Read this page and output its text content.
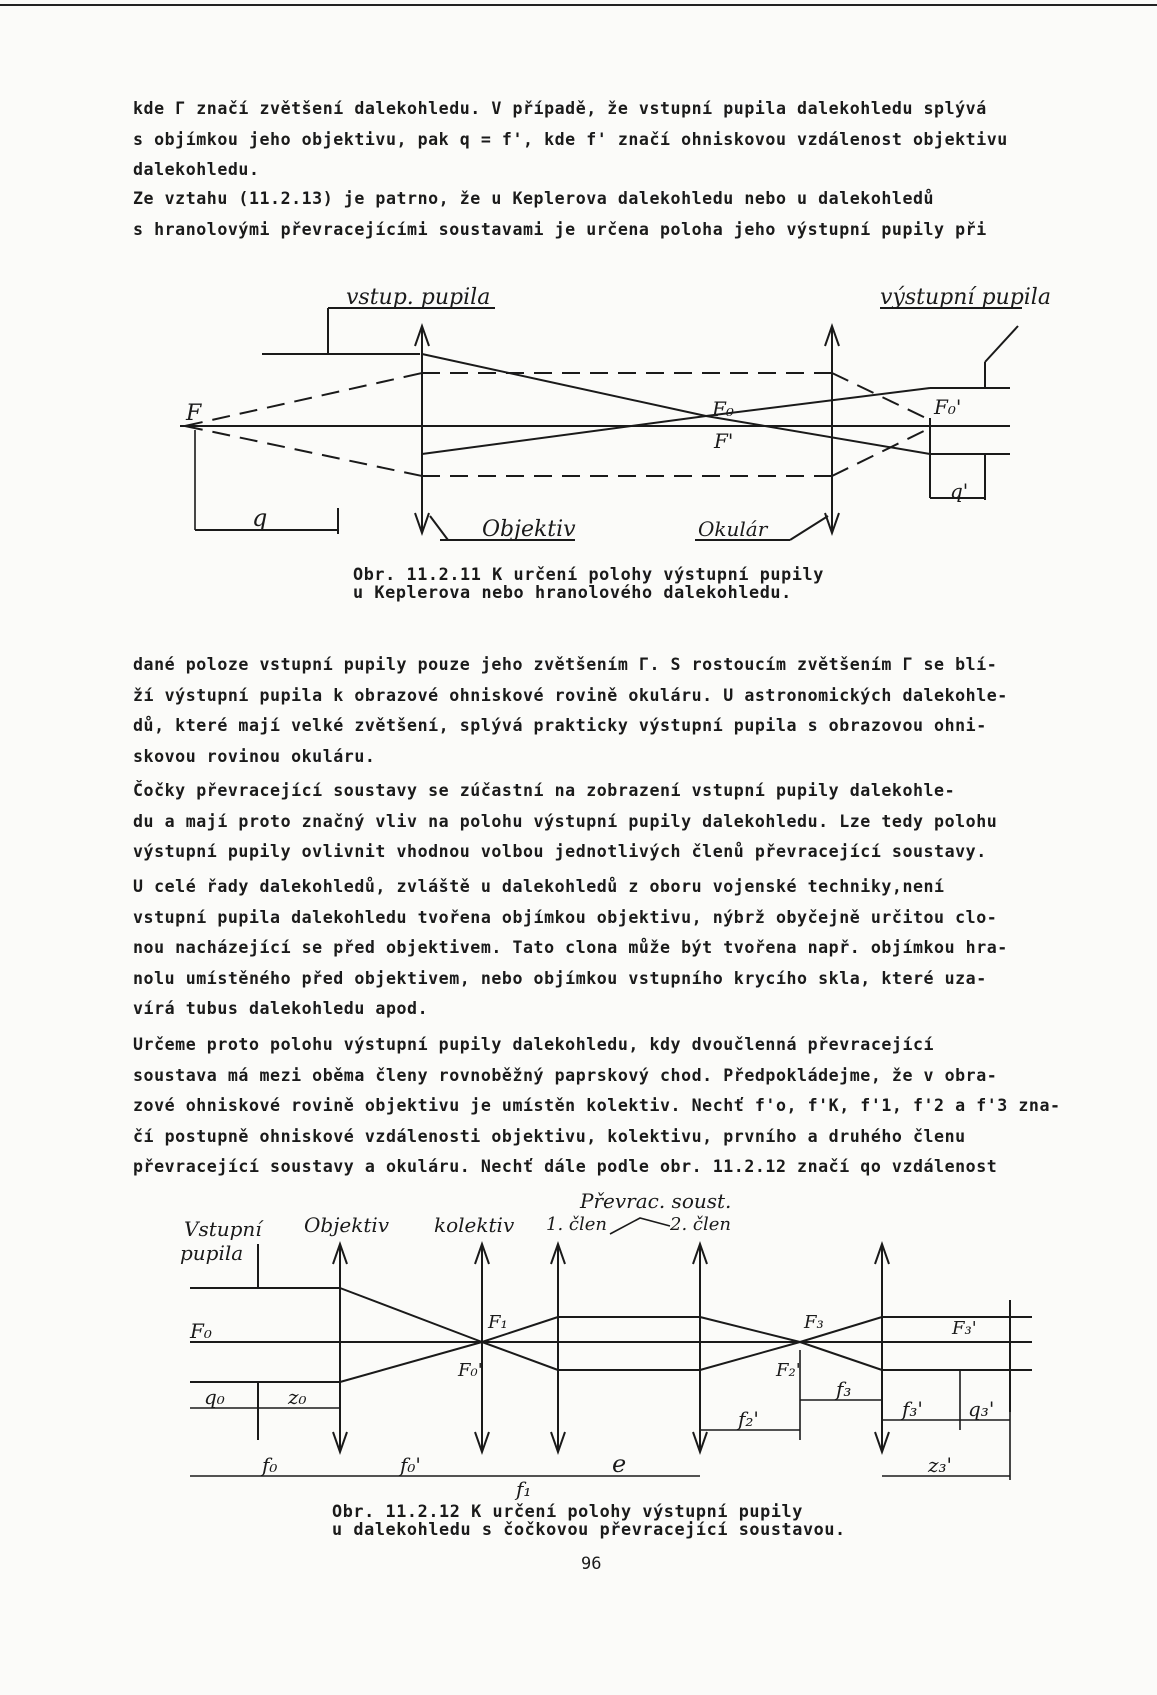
kde Γ značí zvětšení dalekohledu. V případě, že vstupní pupila dalekohledu splývá
s objímkou jeho objektivu, pak q = f', kde f' značí ohniskovou vzdálenost objektivu
dalekohledu.

Ze vztahu (11.2.13) je patrno, že u Keplerova dalekohledu nebo u dalekohledů
s hranolovými převracejícími soustavami je určena poloha jeho výstupní pupily při

vstup. pupila	výstupní pupila
q
q'
F	F₀
F'
F₀'
Objektiv	Okulár

Obr. 11.2.11 K určení polohy výstupní pupily
u Keplerova nebo hranolového dalekohledu.

dané poloze vstupní pupily pouze jeho zvětšením Γ. S rostoucím zvětšením Γ se blí-
ží výstupní pupila k obrazové ohniskové rovině okuláru. U astronomických dalekohle-
dů, které mají velké zvětšení, splývá prakticky výstupní pupila s obrazovou ohni-
skovou rovinou okuláru.

Čočky převracející soustavy se zúčastní na zobrazení vstupní pupily dalekohle-
du a mají proto značný vliv na polohu výstupní pupily dalekohledu. Lze tedy polohu
výstupní pupily ovlivnit vhodnou volbou jednotlivých členů převracející soustavy.

U celé řady dalekohledů, zvláště u dalekohledů z oboru vojenské techniky,není
vstupní pupila dalekohledu tvořena objímkou objektivu, nýbrž obyčejně určitou clo-
nou nacházející se před objektivem. Tato clona může být tvořena např. objímkou hra-
nolu umístěného před objektivem, nebo objímkou vstupního krycího skla, které uza-
vírá tubus dalekohledu apod.

Určeme proto polohu výstupní pupily dalekohledu, kdy dvoučlenná převracející
soustava má mezi oběma členy rovnoběžný paprskový chod. Předpokládejme, že v obra-
zové ohniskové rovině objektivu je umístěn kolektiv. Nechť f'o, f'K, f'1, f'2 a f'3 zna-
čí postupně ohniskové vzdálenosti objektivu, kolektivu, prvního a druhého členu
převracející soustavy a okuláru. Nechť dále podle obr. 11.2.12 značí qo vzdálenost

Vstupní
pupila
F₀	F₁
F₀'
F₃
F₂'
F₃'
Objektiv kolektiv
Převrac. soust.
1. člen	2. člen
q₀	z₀
f₀	f₀'
f₁
e
f₂'
f₃
f₃' q₃'
z₃'

Obr. 11.2.12 K určení polohy výstupní pupily
u dalekohledu s čočkovou převracející soustavou.

96
